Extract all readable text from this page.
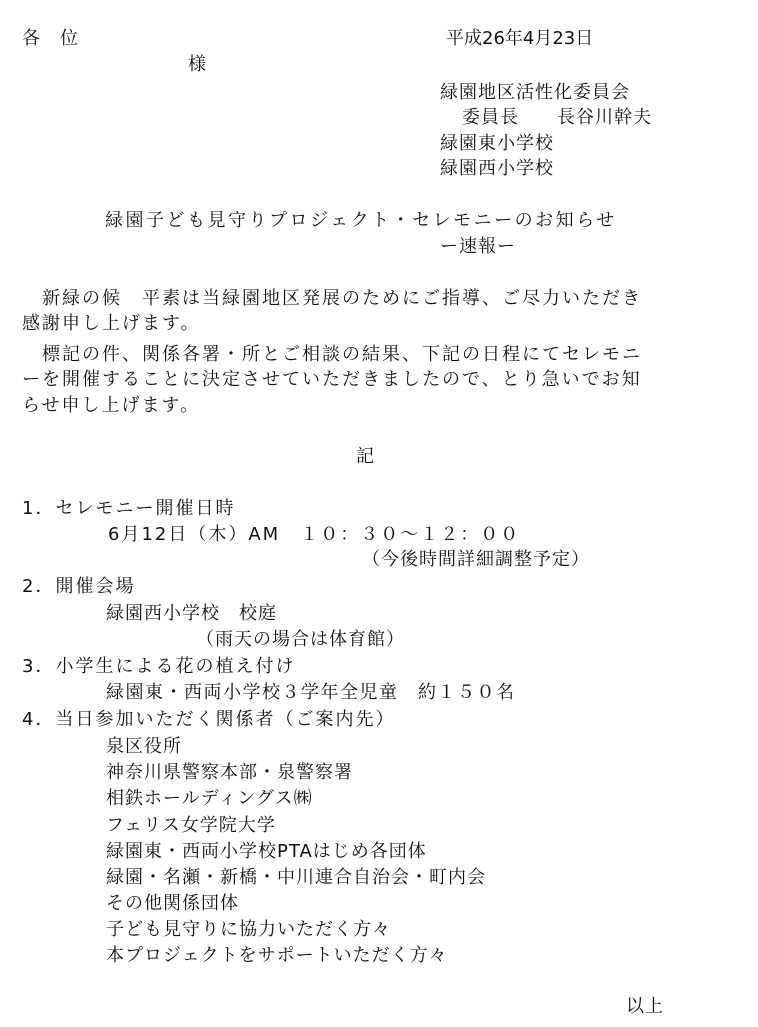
各　位
様
平成26年4月23日
緑園地区活性化委員会
委員長　　長谷川幹夫
緑園東小学校
緑園西小学校
緑園子ども見守りプロジェクト・セレモニーのお知らせ
ー速報ー
新緑の候　平素は当緑園地区発展のためにご指導、ご尽力いただき
感謝申し上げます。
標記の件、関係各署・所とご相談の結果、下記の日程にてセレモニ
ーを開催することに決定させていただきましたので、とり急いでお知
らせ申し上げます。
記
1．セレモニー開催日時
6月12日（木）AM　１０：３０～１２：００
（今後時間詳細調整予定）
2．開催会場
緑園西小学校　校庭
（雨天の場合は体育館）
3．小学生による花の植え付け
緑園東・西両小学校３学年全児童　約１５０名
4．当日参加いただく関係者（ご案内先）
泉区役所
神奈川県警察本部・泉警察署
相鉄ホールディングス㈱
フェリス女学院大学
緑園東・西両小学校PTAはじめ各団体
緑園・名瀬・新橋・中川連合自治会・町内会
その他関係団体
子ども見守りに協力いただく方々
本プロジェクトをサポートいただく方々
以上
